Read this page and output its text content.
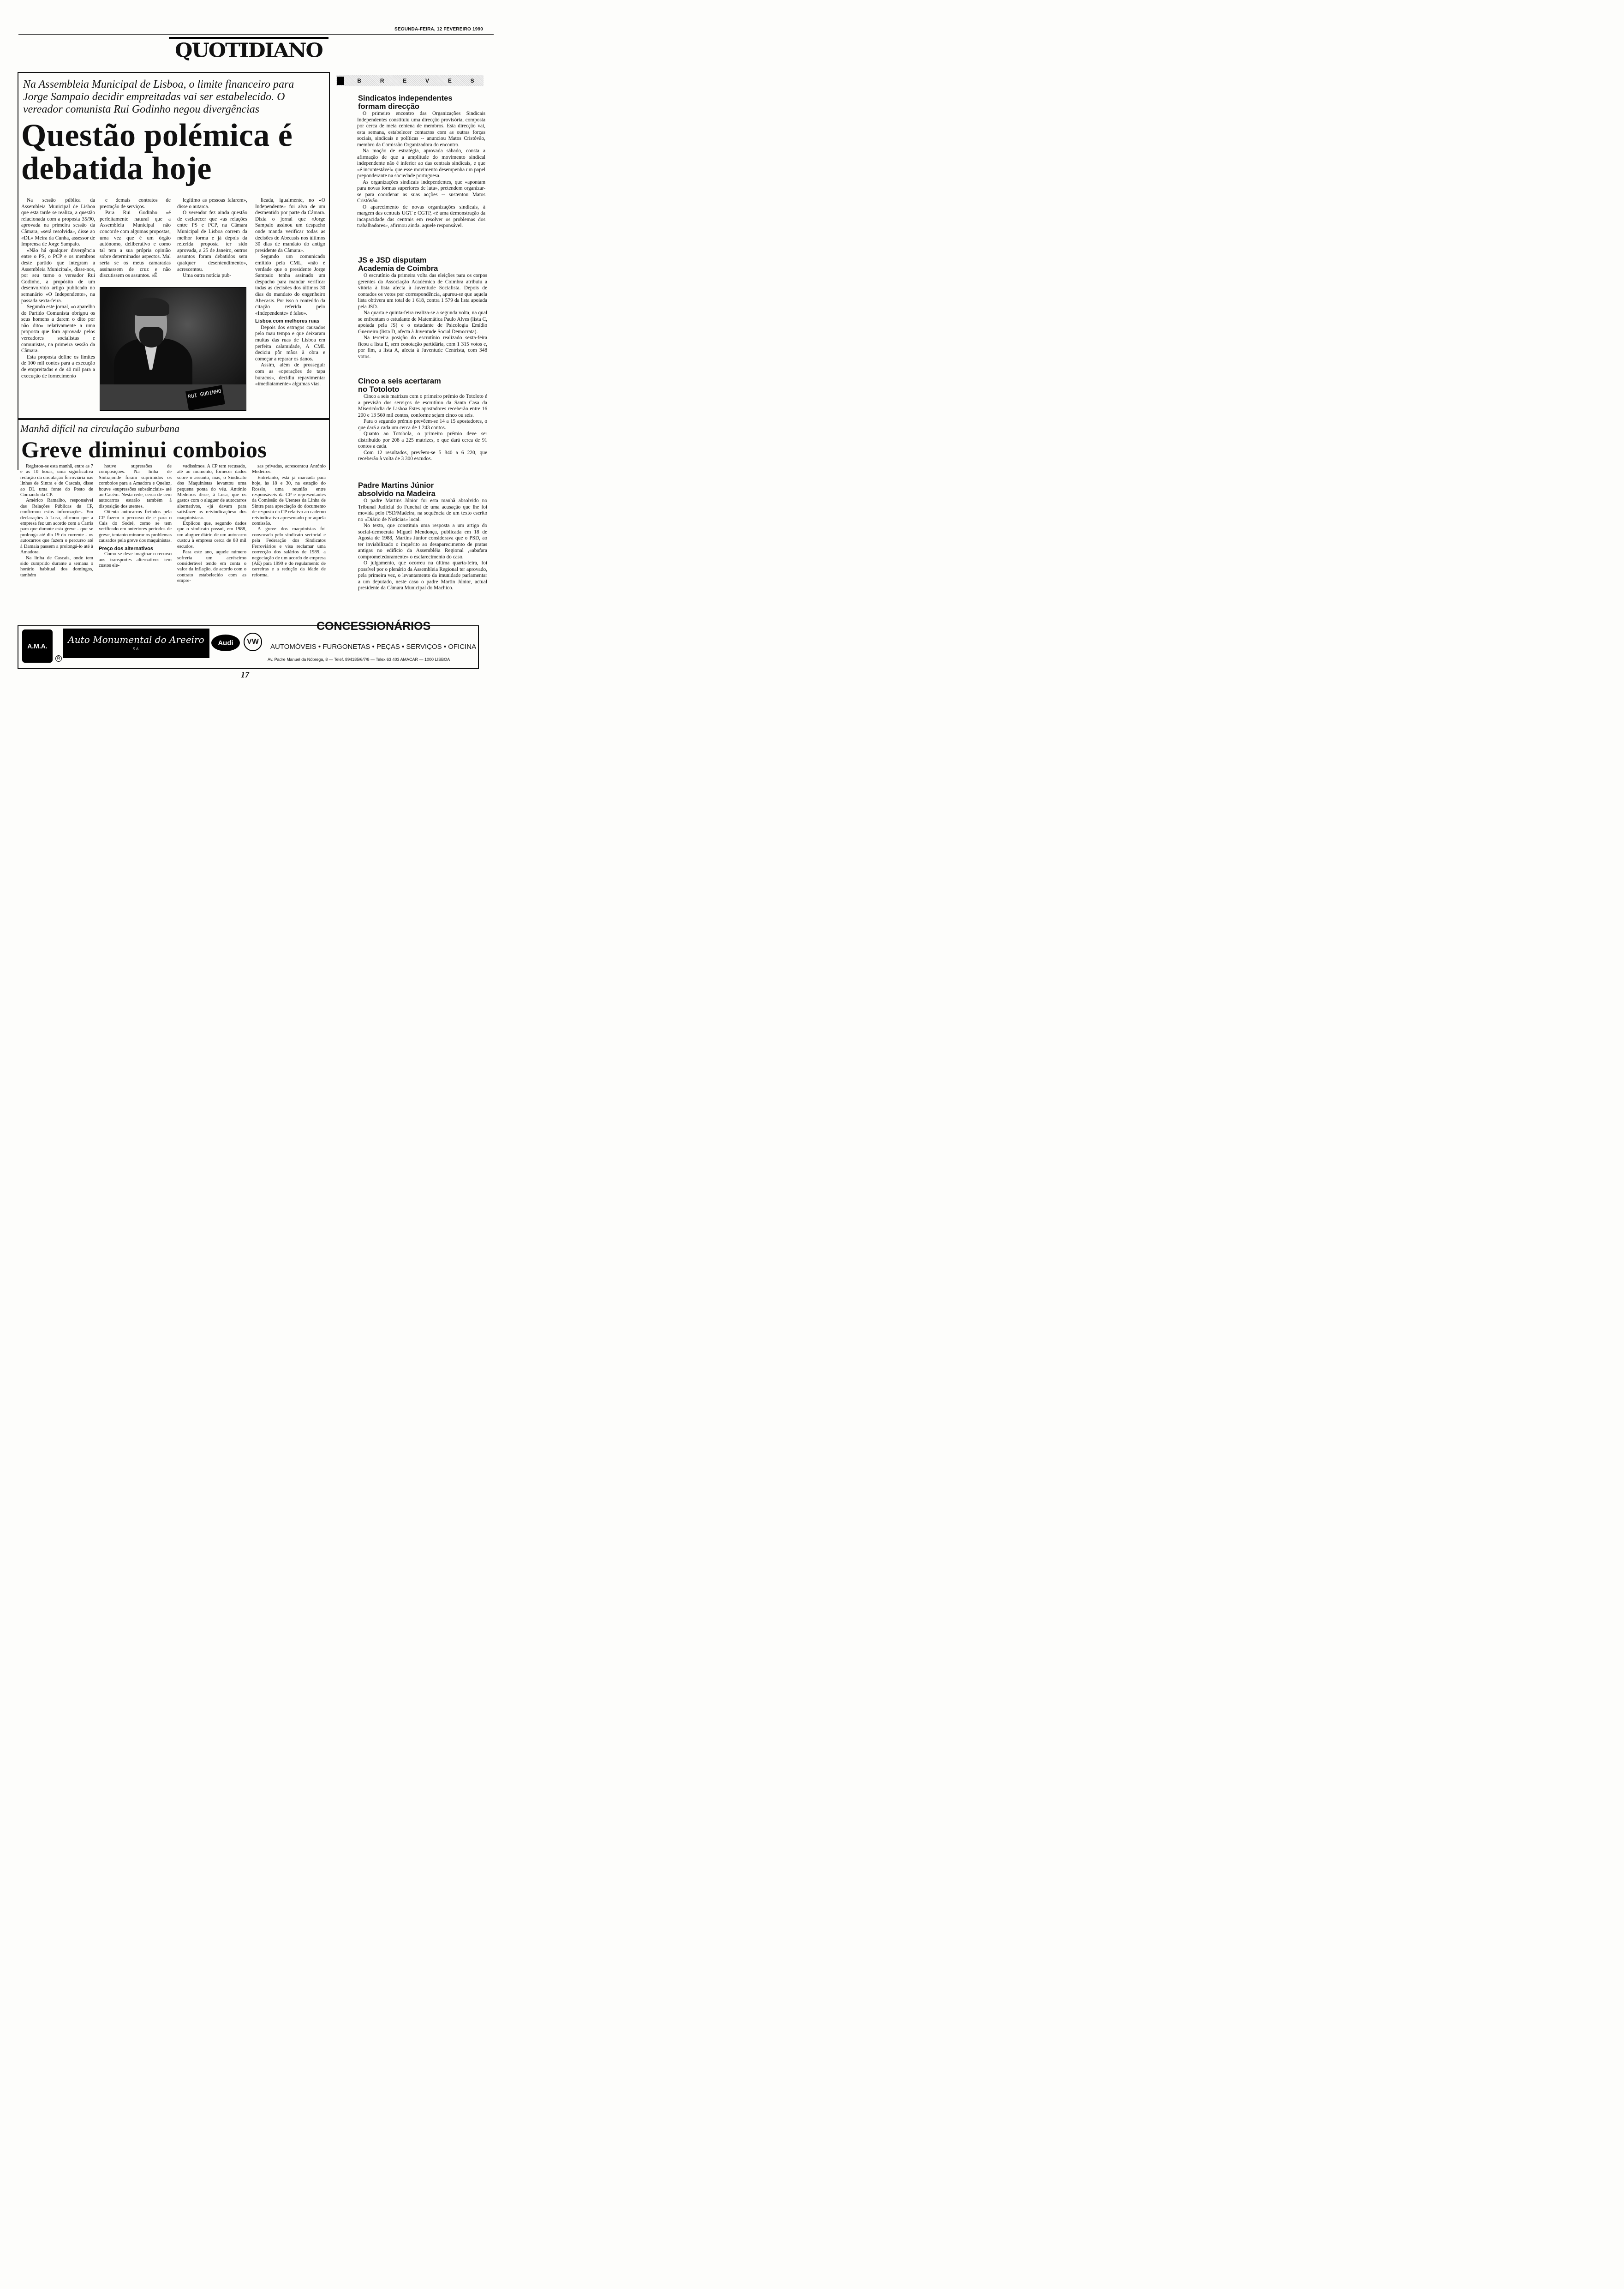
SEGUNDA-FEIRA, 12 FEVEREIRO 1990
QUOTIDIANO
Na Assembleia Municipal de Lisboa, o limite financeiro para Jorge Sampaio decidir empreitadas vai ser estabelecido. O vereador comunista Rui Godinho negou divergências
Questão polémica é debatida hoje

Na sessão pública da Assembleia Municipal de Lisboa que esta tarde se realiza, a questão relacionada com a proposta 35/90, aprovada na primeira sessão da Câmara, «será resolvida», disse ao «DL» Meira da Cunha, assessor de Imprensa de Jorge Sampaio.

«Não há qualquer divergência entre o PS, o PCP e os membros deste partido que integram a Assembleia Municipal», disse-nos, por seu turno o vereador Rui Godinho, a propósito de um desenvolvido artigo publicado no semanário «O Independente», na passada sexta-feira.

Segundo este jornal, «o aparelho do Partido Comunista obrigou os seus homens a darem o dito por não dito» relativamente a uma proposta que fora aprovada pelos vereadores socialistas e comunistas, na primeira sessão da Câmara.

Esta proposta define os limites de 100 mil contos para a execução de empreitadas e de 40 mil para a execução de fornecimento

e demais contratos de prestação de serviços.

Para Rui Godinho «é perfeitamente natural que a Assembleia Municipal não concorde com algumas propostas, uma vez que é um órgão autónomo, deliberativo e como tal tem a sua própria opinião sobre determinados aspectos. Mal seria se os meus camaradas assinassem de cruz e não discutissem os assuntos. «É

legítimo as pessoas falarem», disse o autarca.

O vereador fez ainda questão de esclarecer que «as relações entre PS e PCP, na Câmara Municipal de Lisboa correm da melhor forma e já depois da referida proposta ter sido aprovada, a 25 de Janeiro, outros assuntos foram debatidos sem qualquer desentendimento», acrescentou.

Uma outra notícia pub-

licada, igualmente, no «O Independente» foi alvo de um desmentido por parte da Câmara. Dizia o jornal que «Jorge Sampaio assinou um despacho onde manda verificar todas as decisões de Abecasis nos últimos 30 dias de mandato do antigo presidente da Câmara».

Segundo um comunicado emitido pela CML, «não é verdade que o presidente Jorge Sampaio tenha assinado um despacho para mandar verificar todas as decisões dos últimos 30 dias do mandato do engenheiro Abecasis. Por isso o conteúdo da citação referida pelo «Independente» é falso».

Lisboa com melhores ruas

Depois dos estragos causados pelo mau tempo e que deixaram muitas das ruas de Lisboa em perfeita calamidade, A CML deciciu pôr mãos à obra e começar a reparar os danos.

Assim, além de prosseguir com as «operações de tapa buracos», decidiu repavimentar «imediatamente» algumas vias.

RUI GODINHO
Manhã difícil na circulação suburbana
Greve diminui comboios

Registou-se esta manhã, entre as 7 e as 10 horas, uma significativa redução da circulação ferroviária nas linhas de Sintra e de Cascais, disse ao DL uma fonte do Posto de Comando da CP.

Américo Ramalho, responsável das Relações Públicas da CP, confirmou estas informações. Em declarações à Lusa, afirmou que a empresa fez um acordo com a Carris para que durante esta greve - que se prolonga até dia 19 do corrente - os autocarros que fazem o percurso até à Damaia passem a prolongá-lo até à Amadora.

Na linha de Cascais, onde tem sido cumprido durante a semana o horário habitual dos domingos, também

houve supressões de composições. Na linha de Sintra,onde foram suprimidos os comboios para a Amadora e Queluz, houve «supressões substânciais» até ao Cacém. Nesta rede, cerca de cem autocarros estarão também à disposição dos utentes.

Oitenta autocarros fretados pela CP fazem o percurso de e para o Cais do Sodré, como se tem verificado em anteriores períodos de greve, tentanto minorar os problemas causados pela greve dos maquinistas.

Preço dos alternativos

Como se deve imaginar o recurso aos transportes alternativos tem custos ele-

vadíssimos. A CP tem recusado, até ao momento, fornecer dados sobre o assunto, mas, o Sindicato dos Maquinistas levantou uma pequena ponta do véu. António Medeiros disse, à Lusa, que os gastos com o aluguer de autocarros alternativos, «já davam para satisfazer as reivindicações» dos maquinistas».

Explicou que, segundo dados que o sindicato possui, em 1988, um aluguer diário de um autocarro custou à empresa cerca de 88 mil escudos.

Para este ano, aquele número sofreria um acréscimo considerável tendo em conta o valor da inflação, de acordo com o contrato estabelecido com as empre-

sas privadas, acrescentou António Medeiros.

Entretanto, está já marcada para hoje, às 18 e 30, na estação do Rossio, uma reunião entre responsáveis da CP e representantes da Comissão de Utentes da Linha de Sintra para apreciação do documento de resposta da CP relativo ao caderno reivindicativo apresentado por aquela comissão.

A greve dos maquinistas foi convocada pelo sindicato sectorial e pela Federação dos Sindicatos Ferroviários e visa reclamar uma correcção dos salários de 1989, a negociação de um acordo de empresa (AE) para 1990 e do regulamento de carreiras e a redução da idade de reforma.

B	R	E	V	E	S
Sindicatos independentes formam direcção

O primeiro encontro das Organizações Sindicais Independentes constituiu uma direcção provisória, composta por cerca de meia centena de membros. Esta direcção vai, esta semana, estabelecer contactos com as outras forças sociais, sindicais e políticas -- anunciou Matos Cristóvão, membro da Comissão Organizadora do encontro.

Na moção de estratégia, aprovada sábado, consta a afirmação de que a amplitude do movimento sindical independente não é inferior ao das centrais sindicais, e que «é incontestável» que esse movimento desempenha um papel preponderante na sociedade portuguesa.

As organizações sindicais independentes, que «apontam para novas formas superiores de luta», pretendem organizar-se para coordenar as suas acções -- sustentou Matos Cristóvão.

O aparecimento de novas organizações sindicais, à margem das centrais UGT e CGTP, «é uma demonstração da incapacidade das centrais em resolver os problemas dos trabalhadores», afirmou ainda. aquele responsável.

JS e JSD disputam Academia de Coimbra

O escrutínio da primeira volta das eleições para os corpos gerentes da Associação Académica de Coimbra atribuiu a vitória à lista afecta à Juventude Socialista. Depois de contados os votos por correspondência, apurou-se que aquela lista obtivera um total de 1 618, contra 1 579 da lista apoiada pela JSD.

Na quarta e quinta-feira realiza-se a segunda volta, na qual se enfrentam o estudante de Matemática Paulo Alves (lista C, apoiada pela JS) e o estudante de Psicologia Emídio Guerreiro (lista D, afecta à Juventude Social Democrata).

Na terceira posição do escrutínio realizado sexta-feira ficou a lista E, sem conotação partidária, com 1 315 votos e, por fim, a lista A, afecta à Juventude Centrista, com 348 votos.

Cinco a seis acertaram no Totoloto

Cinco a seis matrizes com o primeiro prémio do Totoloto é a previsão dos serviços de escrutínio da Santa Casa da Misericórdia de Lisboa Estes apostadores receberão entre 16 200 e 13 560 mil contos, conforme sejam cinco ou seis.

Para o segundo prémio prevêem-se 14 a 15 apostadores, o que dará a cada um cerca de 1 243 contos.

Quanto ao Totobola, o primeiro prémio deve ser distribuído por 208 a 225 matrizes, o que dará cerca de 91 contos a cada.

Com 12 resultados, prevêem-se 5 840 a 6 220, que receberão à volta de 3 300 escudos.

Padre Martins Júnior absolvido na Madeira

O padre Martins Júnior foi esta manhã absolvido no Tribunal Judicial do Funchal de uma acusação que lhe foi movida pelo PSD/Madeira, na sequência de um texto escrito no «Diário de Notícias» local.

No texto, que constituia uma resposta a um artigo do social-democrata Miguel Mendonça, publicada em 18 de Agosta de 1988, Martins Júnior considerava que o PSD, ao ter inviabilizado o inquérito ao desaparecimento de pratas antigas no edifício da Assembléia Regional ,«abafara comprometedoramente» o esclarecimento do caso.

O julgamento, que ocorreu na última quarta-feira, foi possível por o plenário da Assembleia Regional ter aprovado, pela primeira vez, o levantamento da imunidade parlamentar a um deputado, neste caso o padre Martin Júnior, actual presidente da Câmara Municipal do Machico.

A.M.A.
R
Auto Monumental do Areeiro
S.A.
Audi	VW
CONCESSIONÁRIOS
AUTOMÓVEIS • FURGONETAS • PEÇAS • SERVIÇOS • OFICINA
Av. Padre Manuel da Nóbrega, 8 — Telef. 894185/6/7/8 — Telex 63 403 AMACAR — 1000 LISBOA
17
